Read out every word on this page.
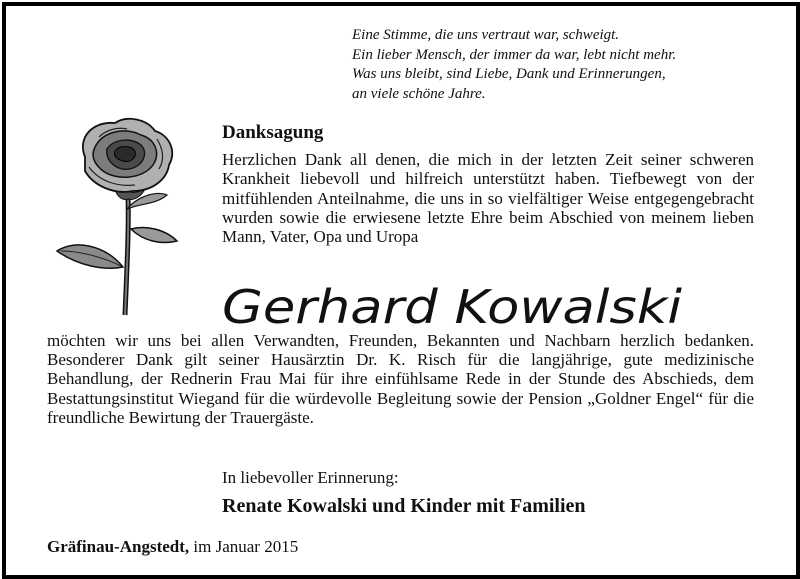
Eine Stimme, die uns vertraut war, schweigt.
Ein lieber Mensch, der immer da war, lebt nicht mehr.
Was uns bleibt, sind Liebe, Dank und Erinnerungen,
an viele schöne Jahre.
Danksagung
Herzlichen Dank all denen, die mich in der letzten Zeit seiner schweren Krankheit liebevoll und hilfreich unterstützt haben. Tiefbewegt von der mitfühlenden Anteilnahme, die uns in so vielfältiger Weise entgegengebracht wurden sowie die erwiesene letzte Ehre beim Abschied von meinem lieben Mann, Vater, Opa und Uropa
Gerhard Kowalski
möchten wir uns bei allen Verwandten, Freunden, Bekannten und Nachbarn herzlich bedanken. Besonderer Dank gilt seiner Hausärztin Dr. K. Risch für die langjährige, gute medizinische Behandlung, der Rednerin Frau Mai für ihre einfühlsame Rede in der Stunde des Abschieds, dem Bestattungsinstitut Wiegand für die würdevolle Begleitung sowie der Pension „Goldner Engel“ für die freundliche Bewirtung der Trauergäste.
In liebevoller Erinnerung:
Renate Kowalski und Kinder mit Familien
Gräfinau-Angstedt, im Januar 2015
